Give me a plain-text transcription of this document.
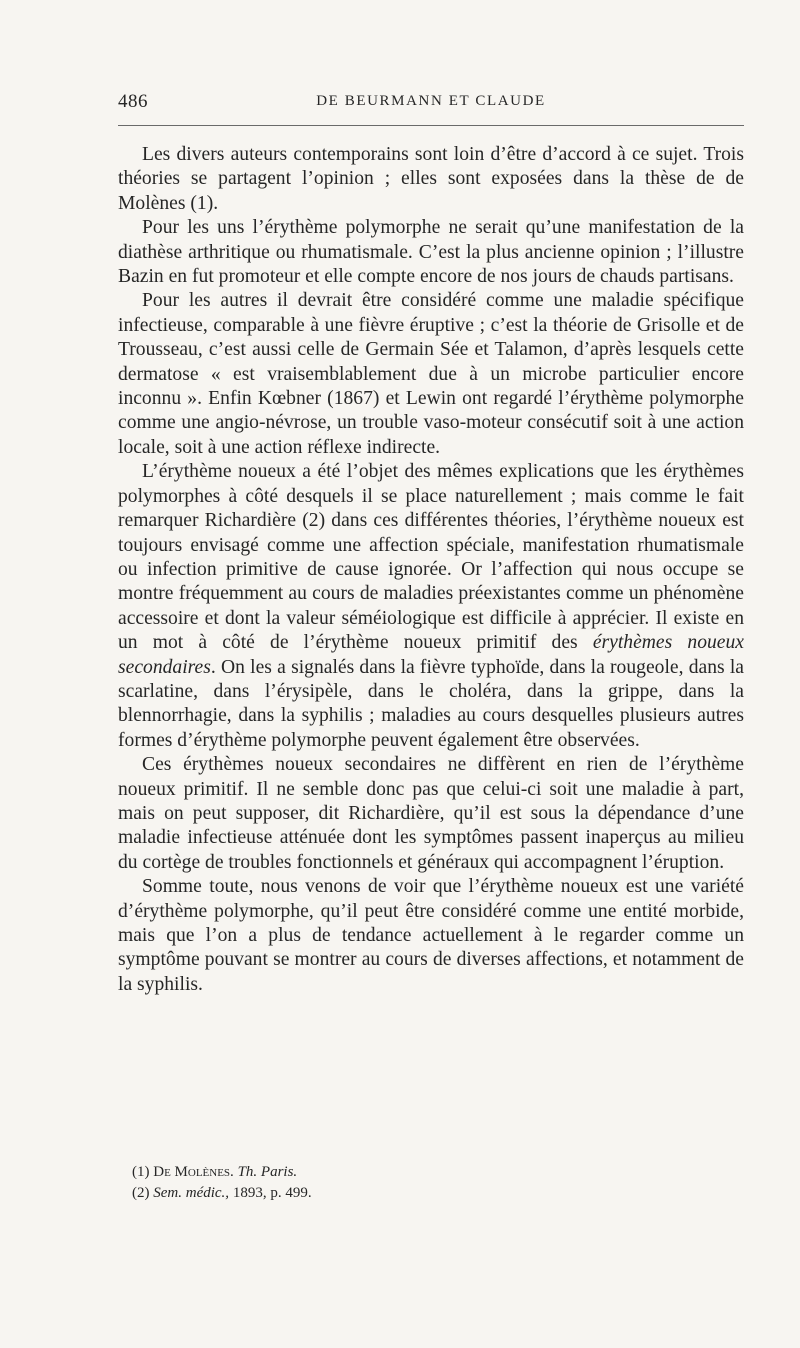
486	DE BEURMANN ET CLAUDE

Les divers auteurs contemporains sont loin d’être d’accord à ce sujet. Trois théories se partagent l’opinion ; elles sont exposées dans la thèse de de Molènes (1).

Pour les uns l’érythème polymorphe ne serait qu’une manifestation de la diathèse arthritique ou rhumatismale. C’est la plus ancienne opinion ; l’illustre Bazin en fut promoteur et elle compte encore de nos jours de chauds partisans.

Pour les autres il devrait être considéré comme une maladie spécifique infectieuse, comparable à une fièvre éruptive ; c’est la théorie de Grisolle et de Trousseau, c’est aussi celle de Germain Sée et Talamon, d’après lesquels cette dermatose « est vraisemblablement due à un microbe particulier encore inconnu ». Enfin Kœbner (1867) et Lewin ont regardé l’érythème polymorphe comme une angio-névrose, un trouble vaso-moteur consécutif soit à une action locale, soit à une action réflexe indirecte.

L’érythème noueux a été l’objet des mêmes explications que les érythèmes polymorphes à côté desquels il se place naturellement ; mais comme le fait remarquer Richardière (2) dans ces différentes théories, l’érythème noueux est toujours envisagé comme une affection spéciale, manifestation rhumatismale ou infection primitive de cause ignorée. Or l’affection qui nous occupe se montre fréquemment au cours de maladies préexistantes comme un phénomène accessoire et dont la valeur séméiologique est difficile à apprécier. Il existe en un mot à côté de l’érythème noueux primitif des érythèmes noueux secondaires. On les a signalés dans la fièvre typhoïde, dans la rougeole, dans la scarlatine, dans l’érysipèle, dans le choléra, dans la grippe, dans la blennorrhagie, dans la syphilis ; maladies au cours desquelles plusieurs autres formes d’érythème polymorphe peuvent également être observées.

Ces érythèmes noueux secondaires ne diffèrent en rien de l’érythème noueux primitif. Il ne semble donc pas que celui-ci soit une maladie à part, mais on peut supposer, dit Richardière, qu’il est sous la dépendance d’une maladie infectieuse atténuée dont les symptômes passent inaperçus au milieu du cortège de troubles fonctionnels et généraux qui accompagnent l’éruption.

Somme toute, nous venons de voir que l’érythème noueux est une variété d’érythème polymorphe, qu’il peut être considéré comme une entité morbide, mais que l’on a plus de tendance actuellement à le regarder comme un symptôme pouvant se montrer au cours de diverses affections, et notamment de la syphilis.

(1) De Molènes. Th. Paris.

(2) Sem. médic., 1893, p. 499.
